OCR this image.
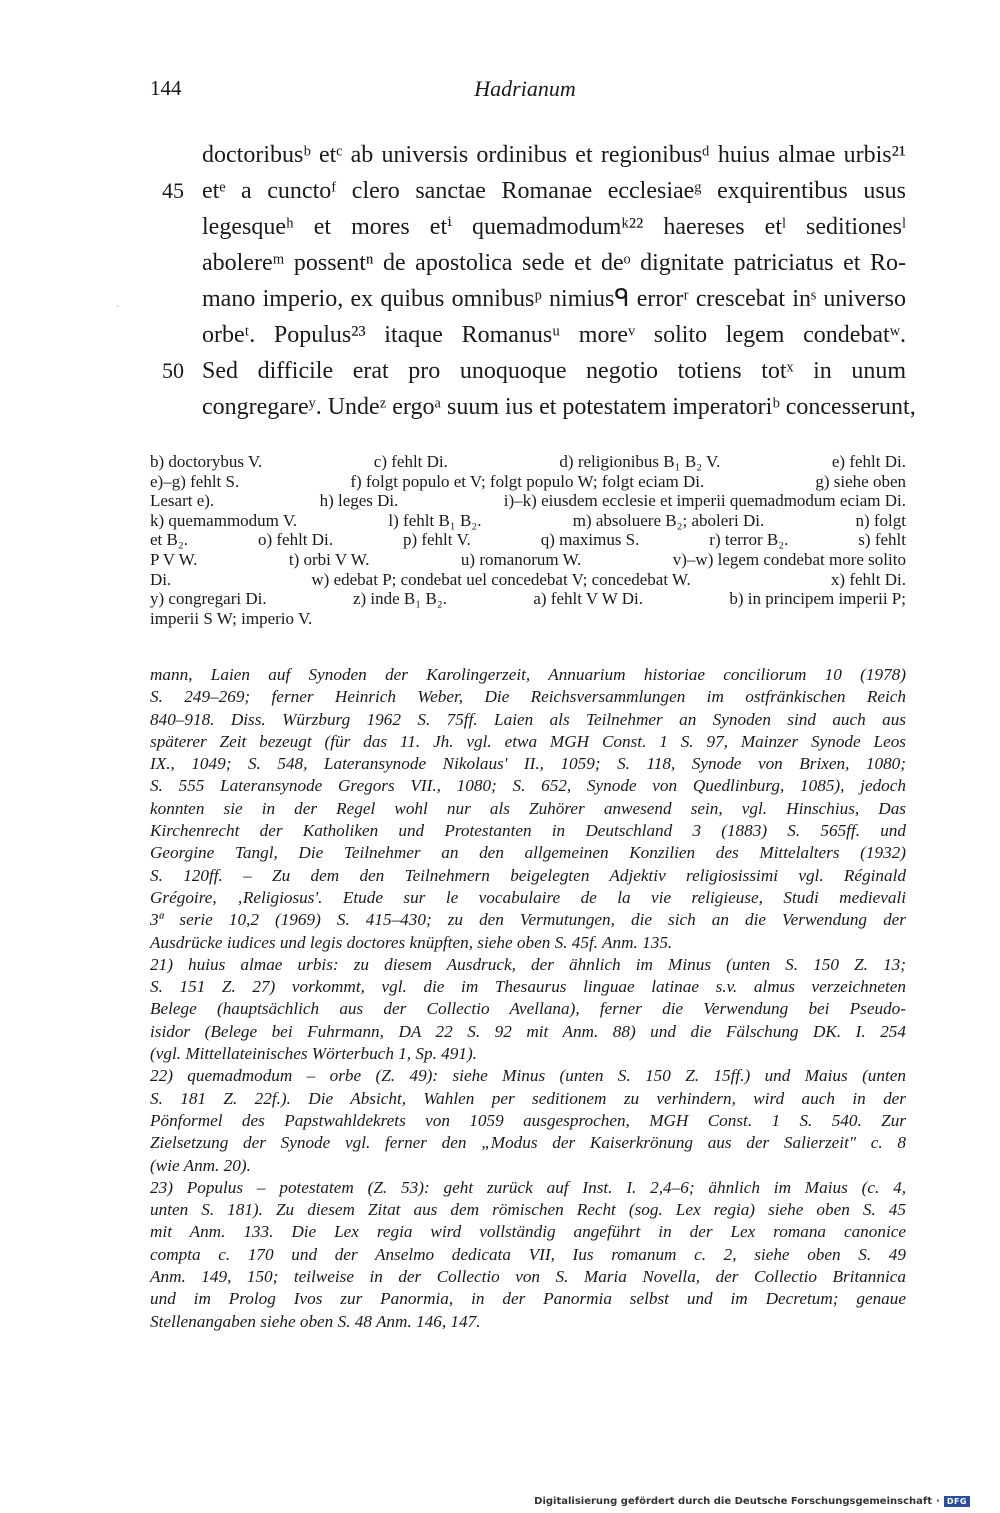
144	Hadrianum
`
doctoribusᵇ etᶜ ab universis ordinibus et regionibusᵈ huius almae urbis²¹
45 etᵉ a cunctoᶠ clero sanctae Romanae ecclesiaeᵍ exquirentibus usus
legesqueʰ et mores etⁱ quemadmodumᵏ²² haereses etˡ seditionesˡ
abolereᵐ possentⁿ de apostolica sede et deᵒ dignitate patriciatus et Ro-
mano imperio, ex quibus omnibusᵖ nimiusᑫ errorʳ crescebat inˢ universo
orbeᵗ. Populus²³ itaque Romanusᵘ moreᵛ solito legem condebatʷ.
50 Sed difficile erat pro unoquoque negotio totiens totˣ in unum
congregareʸ. Undeᶻ ergoᵃ suum ius et potestatem imperatoriᵇ concesserunt,
b) doctorybus V.	c) fehlt Di.	d) religionibus B₁ B₂ V.	e) fehlt Di.
e)–g) fehlt S.	f) folgt populo et V; folgt populo W; folgt eciam Di.	g) siehe oben
Lesart e).	h) leges Di.	i)–k) eiusdem ecclesie et imperii quemadmodum eciam Di.
k) quemammodum V.	l) fehlt B₁ B₂.	m) absoluere B₂; aboleri Di.	n) folgt
et B₂.	o) fehlt Di.	p) fehlt V.	q) maximus S.	r) terror B₂.	s) fehlt
P V W.	t) orbi V W.	u) romanorum W.	v)–w) legem condebat more solito
Di.	w) edebat P; condebat uel concedebat V; concedebat W.	x) fehlt Di.
y) congregari Di.	z) inde B₁ B₂.	a) fehlt V W Di.	b) in principem imperii P;
imperii S W; imperio V.
mann, Laien auf Synoden der Karolingerzeit, Annuarium historiae conciliorum 10 (1978)
S. 249–269; ferner Heinrich Weber, Die Reichsversammlungen im ostfränkischen Reich
840–918. Diss. Würzburg 1962 S. 75ff. Laien als Teilnehmer an Synoden sind auch aus
späterer Zeit bezeugt (für das 11. Jh. vgl. etwa MGH Const. 1 S. 97, Mainzer Synode Leos
IX., 1049; S. 548, Lateransynode Nikolaus' II., 1059; S. 118, Synode von Brixen, 1080;
S. 555 Lateransynode Gregors VII., 1080; S. 652, Synode von Quedlinburg, 1085), jedoch
konnten sie in der Regel wohl nur als Zuhörer anwesend sein, vgl. Hinschius, Das
Kirchenrecht der Katholiken und Protestanten in Deutschland 3 (1883) S. 565ff. und
Georgine Tangl, Die Teilnehmer an den allgemeinen Konzilien des Mittelalters (1932)
S. 120ff. – Zu dem den Teilnehmern beigelegten Adjektiv religiosissimi vgl. Réginald
Grégoire, ‚Religiosus'. Etude sur le vocabulaire de la vie religieuse, Studi medievali
3ª serie 10,2 (1969) S. 415–430; zu den Vermutungen, die sich an die Verwendung der
Ausdrücke iudices und legis doctores knüpften, siehe oben S. 45f. Anm. 135.
21) huius almae urbis: zu diesem Ausdruck, der ähnlich im Minus (unten S. 150 Z. 13;
S. 151 Z. 27) vorkommt, vgl. die im Thesaurus linguae latinae s.v. almus verzeichneten
Belege (hauptsächlich aus der Collectio Avellana), ferner die Verwendung bei Pseudo-
isidor (Belege bei Fuhrmann, DA 22 S. 92 mit Anm. 88) und die Fälschung DK. I. 254
(vgl. Mittellateinisches Wörterbuch 1, Sp. 491).
22) quemadmodum – orbe (Z. 49): siehe Minus (unten S. 150 Z. 15ff.) und Maius (unten
S. 181 Z. 22f.). Die Absicht, Wahlen per seditionem zu verhindern, wird auch in der
Pönformel des Papstwahldekrets von 1059 ausgesprochen, MGH Const. 1 S. 540. Zur
Zielsetzung der Synode vgl. ferner den „Modus der Kaiserkrönung aus der Salierzeit" c. 8
(wie Anm. 20).
23) Populus – potestatem (Z. 53): geht zurück auf Inst. I. 2,4–6; ähnlich im Maius (c. 4,
unten S. 181). Zu diesem Zitat aus dem römischen Recht (sog. Lex regia) siehe oben S. 45
mit Anm. 133. Die Lex regia wird vollständig angeführt in der Lex romana canonice
compta c. 170 und der Anselmo dedicata VII, Ius romanum c. 2, siehe oben S. 49
Anm. 149, 150; teilweise in der Collectio von S. Maria Novella, der Collectio Britannica
und im Prolog Ivos zur Panormia, in der Panormia selbst und im Decretum; genaue
Stellenangaben siehe oben S. 48 Anm. 146, 147.
Digitalisierung gefördert durch die Deutsche Forschungsgemeinschaft · DFG
